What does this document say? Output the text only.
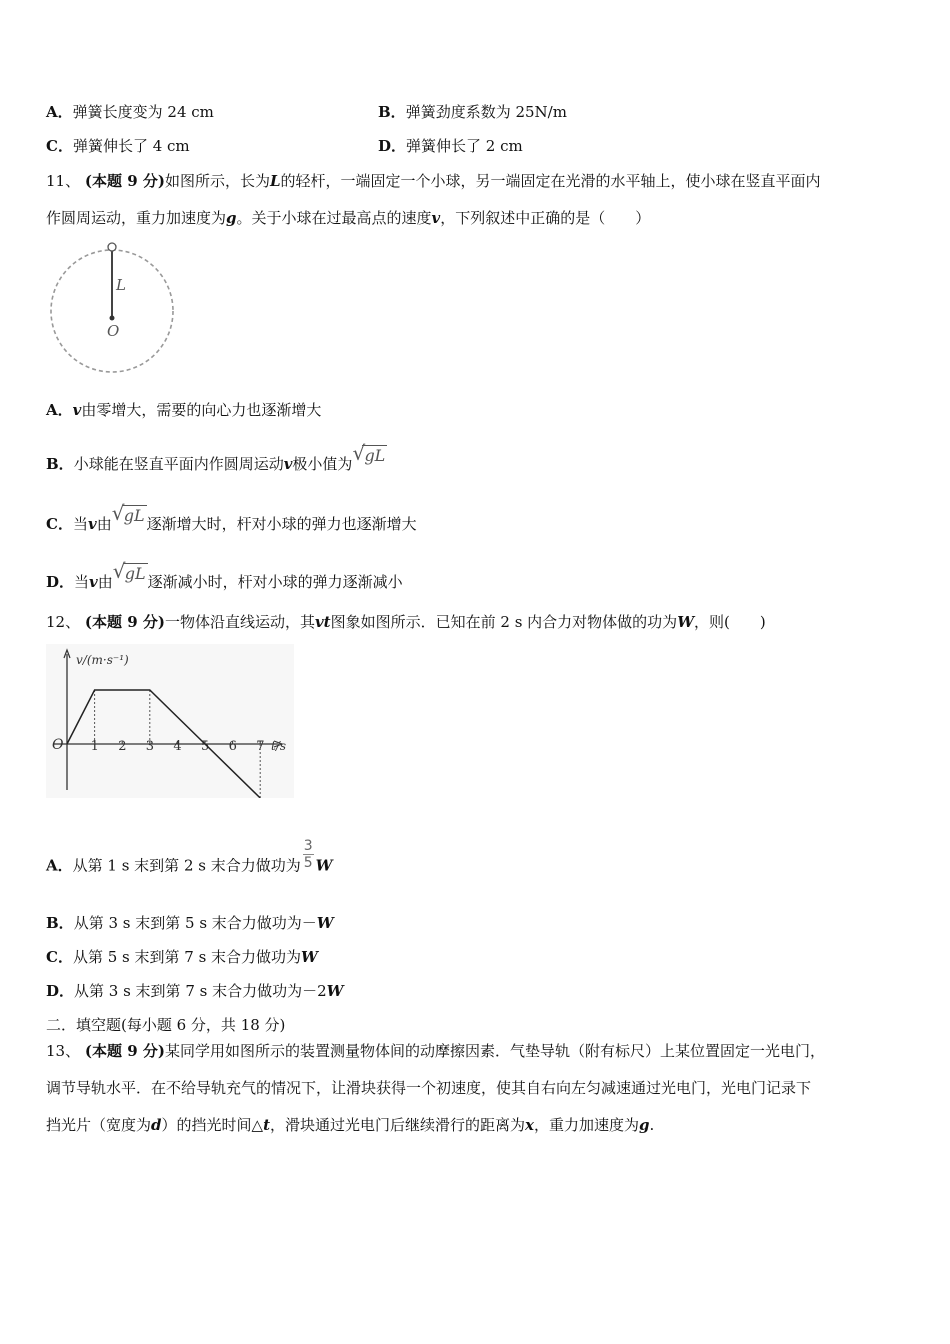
A．弹簧长度变为 24 cm	B．弹簧劲度系数为 25N/m
C．弹簧伸长了 4 cm	D．弹簧伸长了 2 cm
11、 (本题 9 分)如图所示，长为L的轻杆，一端固定一个小球，另一端固定在光滑的水平轴上，使小球在竖直平面内
作圆周运动，重力加速度为g。关于小球在过最高点的速度v，下列叙述中正确的是（　　）
L
O
A．v由零增大，需要的向心力也逐渐增大
B．小球能在竖直平面内作圆周运动v极小值为 √ gL
C．当v由 √ gL 逐渐增大时，杆对小球的弹力也逐渐增大
D．当v由 √ gL 逐渐减小时，杆对小球的弹力逐渐减小
12、 (本题 9 分)一物体沿直线运动，其vt图象如图所示．已知在前 2 s 内合力对物体做的功为W，则(　　)
v/(m·s⁻¹)
t/s
O 1 2 3 4 5 6 7
A．从第 1 s 末到第 2 s 末合力做功为 $\frac{3}{5}$ W
B．从第 3 s 末到第 5 s 末合力做功为－W
C．从第 5 s 末到第 7 s 末合力做功为W
D．从第 3 s 末到第 7 s 末合力做功为－2W
二．填空题(每小题 6 分，共 18 分)
13、 (本题 9 分)某同学用如图所示的装置测量物体间的动摩擦因素．气垫导轨（附有标尺）上某位置固定一光电门，
调节导轨水平．在不给导轨充气的情况下，让滑块获得一个初速度，使其自右向左匀减速通过光电门，光电门记录下
挡光片（宽度为d）的挡光时间△t，滑块通过光电门后继续滑行的距离为x，重力加速度为g.
